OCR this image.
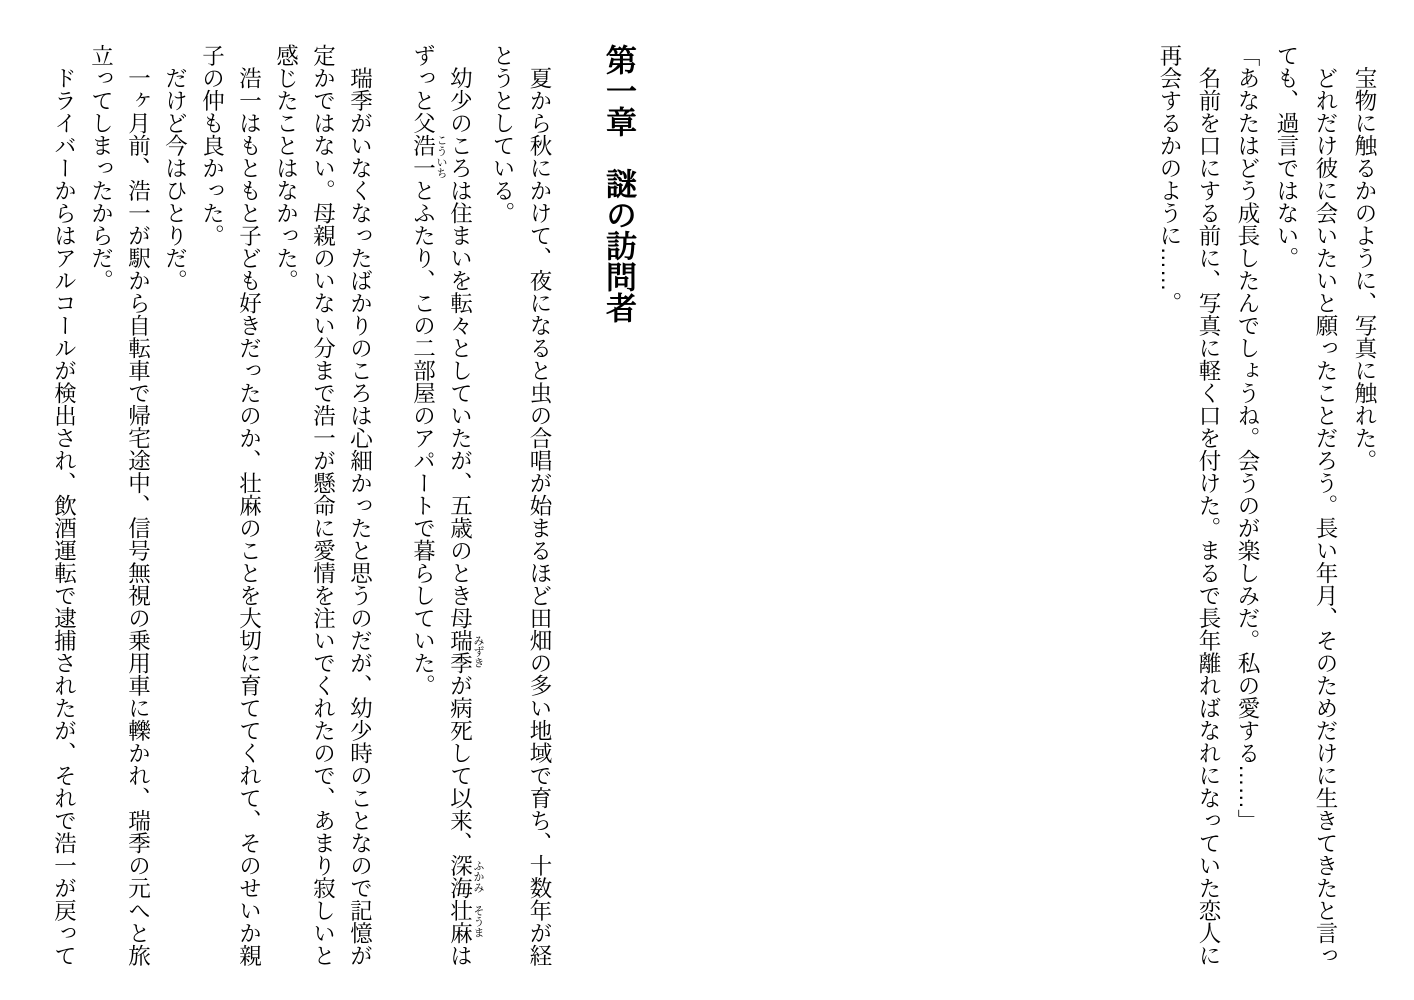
　宝物に触るかのように、写真に触れた。

　どれだけ彼に会いたいと願ったことだろう。長い年月、そのためだけに生きてきたと言っても、過言ではない。

「あなたはどう成長したんでしょうね。会うのが楽しみだ。私の愛する……」

　名前を口にする前に、写真に軽く口を付けた。まるで長年離ればなれになっていた恋人に再会するかのように……。

第一章　謎の訪問者

　夏から秋にかけて、夜になると虫の合唱が始まるほど田畑の多い地域で育ち、十数年が経とうとしている。

　幼少のころは住まいを転々としていたが、五歳のとき母瑞季 みずきが病死して以来、深海 ふかみ壮麻 そうまはずっと父浩一 こういちとふたり、この二部屋のアパートで暮らしていた。

　瑞季がいなくなったばかりのころは心細かったと思うのだが、幼少時のことなので記憶が定かではない。母親のいない分まで浩一が懸命に愛情を注いでくれたので、あまり寂しいと感じたことはなかった。

　浩一はもともと子ども好きだったのか、壮麻のことを大切に育ててくれて、そのせいか親子の仲も良かった。

　だけど今はひとりだ。

　一ヶ月前、浩一が駅から自転車で帰宅途中、信号無視の乗用車に轢かれ、瑞季の元へと旅立ってしまったからだ。

　ドライバーからはアルコールが検出され、飲酒運転で逮捕されたが、それで浩一が戻って
